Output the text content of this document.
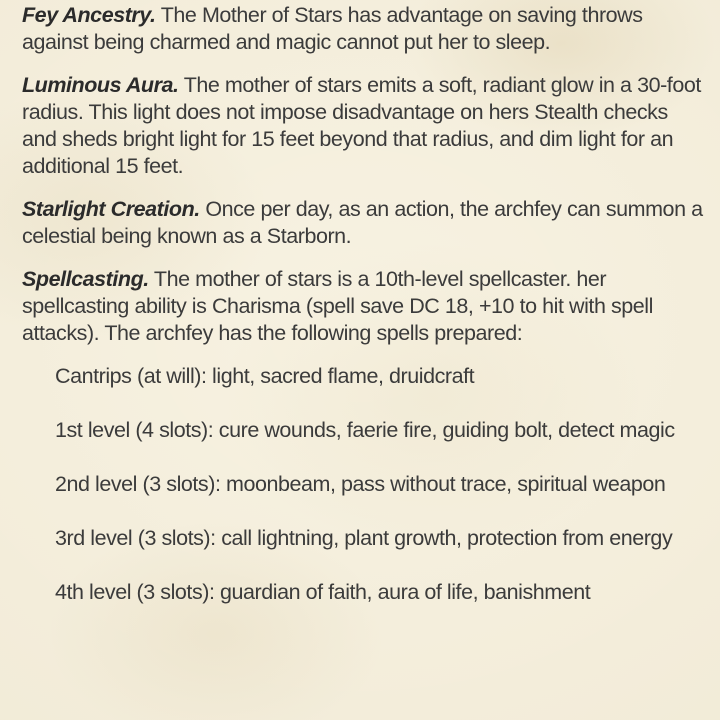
Fey Ancestry. The Mother of Stars has advantage on saving throws against being charmed and magic cannot put her to sleep.

Luminous Aura. The mother of stars emits a soft, radiant glow in a 30-foot radius. This light does not impose disadvantage on hers Stealth checks and sheds bright light for 15 feet beyond that radius, and dim light for an additional 15 feet.

Starlight Creation. Once per day, as an action, the archfey can summon a celestial being known as a Starborn.

Spellcasting. The mother of stars is a 10th-level spellcaster. her spellcasting ability is Charisma (spell save DC 18, +10 to hit with spell attacks). The archfey has the following spells prepared:

Cantrips (at will): light, sacred flame, druidcraft

1st level (4 slots): cure wounds, faerie fire, guiding bolt, detect magic

2nd level (3 slots): moonbeam, pass without trace, spiritual weapon

3rd level (3 slots): call lightning, plant growth, protection from energy

4th level (3 slots): guardian of faith, aura of life, banishment
